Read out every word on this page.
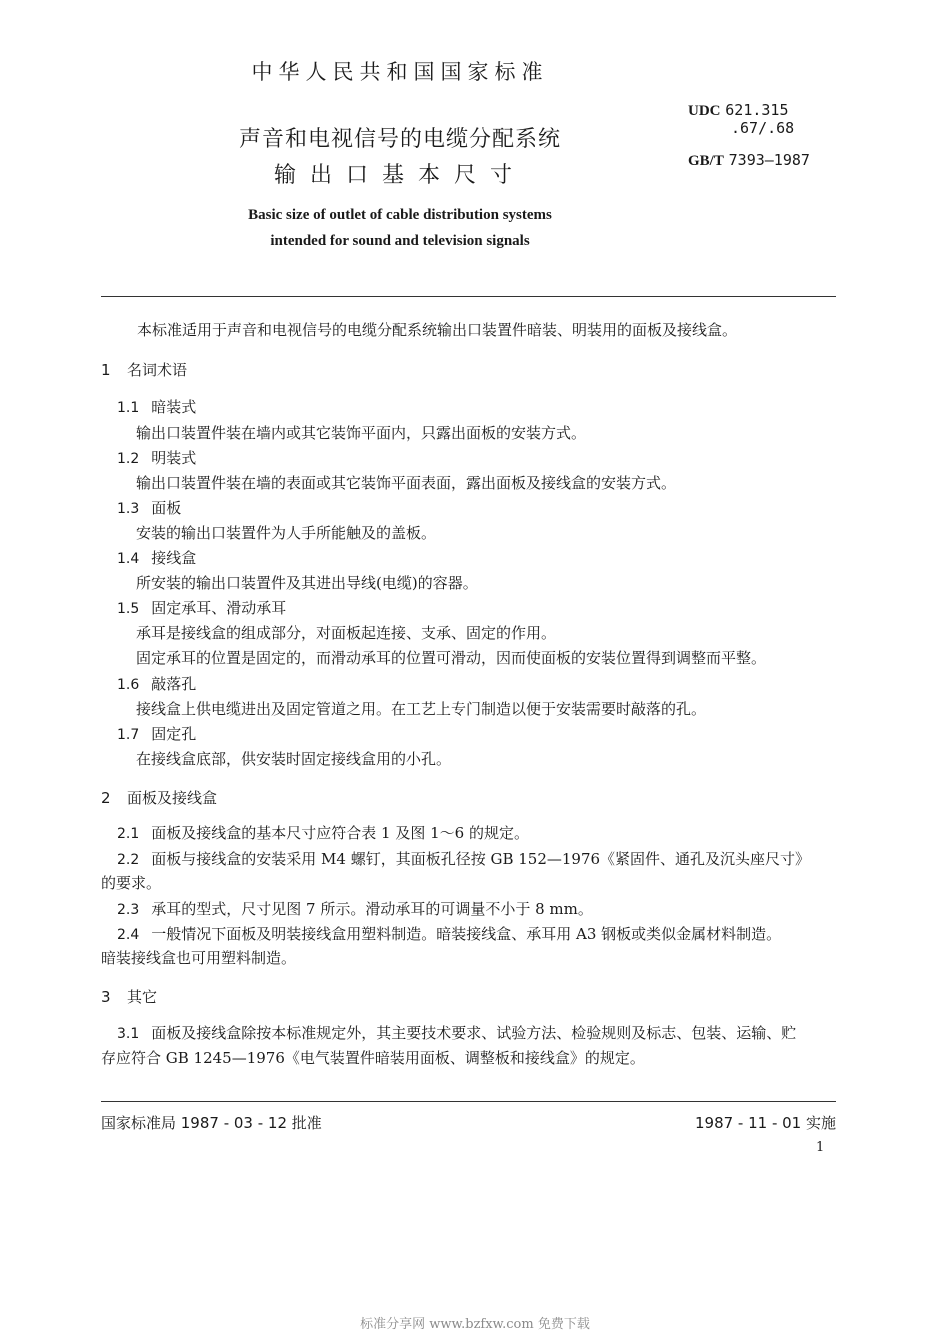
中华人民共和国国家标准
声音和电视信号的电缆分配系统
输出口基本尺寸
Basic size of outlet of cable distribution systems
intended for sound and television signals
UDC 621.315
.67/.68
GB/T 7393—1987
本标准适用于声音和电视信号的电缆分配系统输出口装置件暗装、明装用的面板及接线盒。
1 名词术语
1.1 暗装式
输出口装置件装在墙内或其它装饰平面内，只露出面板的安装方式。
1.2 明装式
输出口装置件装在墙的表面或其它装饰平面表面，露出面板及接线盒的安装方式。
1.3 面板
安装的输出口装置件为人手所能触及的盖板。
1.4 接线盒
所安装的输出口装置件及其进出导线(电缆)的容器。
1.5 固定承耳、滑动承耳
承耳是接线盒的组成部分，对面板起连接、支承、固定的作用。
固定承耳的位置是固定的，而滑动承耳的位置可滑动，因而使面板的安装位置得到调整而平整。
1.6 敲落孔
接线盒上供电缆进出及固定管道之用。在工艺上专门制造以便于安装需要时敲落的孔。
1.7 固定孔
在接线盒底部，供安装时固定接线盒用的小孔。
2 面板及接线盒
2.1 面板及接线盒的基本尺寸应符合表 1 及图 1～6 的规定。
2.2 面板与接线盒的安装采用 M4 螺钉，其面板孔径按 GB 152—1976《紧固件、通孔及沉头座尺寸》
的要求。
2.3 承耳的型式，尺寸见图 7 所示。滑动承耳的可调量不小于 8 mm。
2.4 一般情况下面板及明装接线盒用塑料制造。暗装接线盒、承耳用 A3 钢板或类似金属材料制造。
暗装接线盒也可用塑料制造。
3 其它
3.1 面板及接线盒除按本标准规定外，其主要技术要求、试验方法、检验规则及标志、包装、运输、贮
存应符合 GB 1245—1976《电气装置件暗装用面板、调整板和接线盒》的规定。
国家标准局 1987 - 03 - 12 批准	1987 - 11 - 01 实施
1
标准分享网 www.bzfxw.com 免费下载
